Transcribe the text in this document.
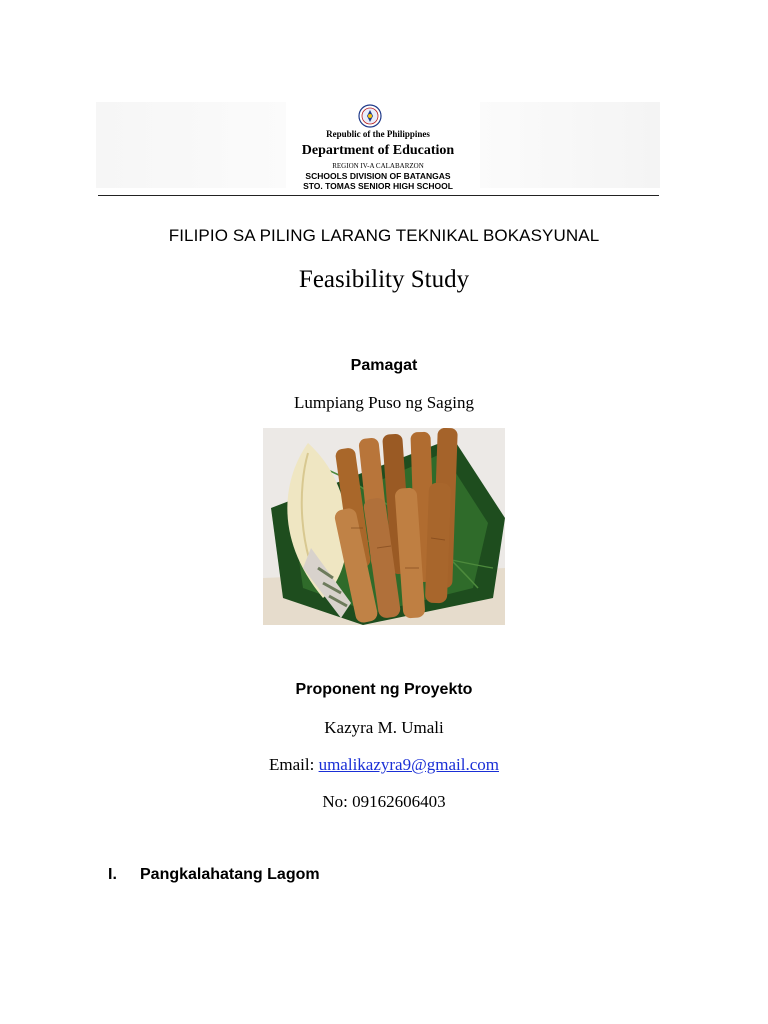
Republic of the Philippines
Department of Education
REGION IV-A CALABARZON
SCHOOLS DIVISION OF BATANGAS
STO. TOMAS SENIOR HIGH SCHOOL
FILIPIO SA PILING LARANG TEKNIKAL BOKASYUNAL
Feasibility Study
Pamagat
Lumpiang Puso ng Saging
Proponent ng Proyekto
Kazyra M. Umali
Email: umalikazyra9@gmail.com
No: 09162606403
I. Pangkalahatang Lagom
